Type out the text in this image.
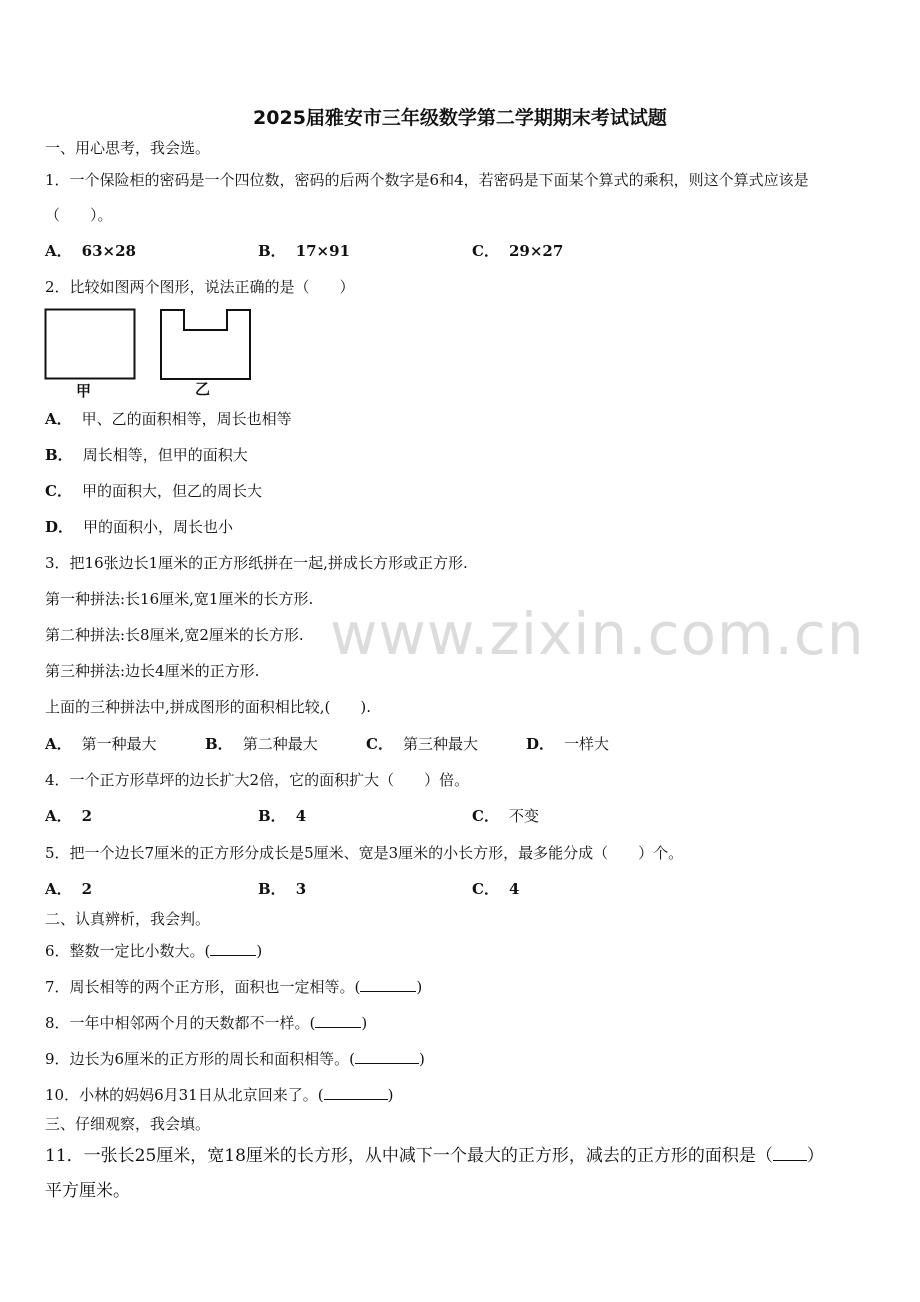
www.zixin.com.cn
2025届雅安市三年级数学第二学期期末考试试题
一、用心思考，我会选。
1．一个保险柜的密码是一个四位数，密码的后两个数字是6和4，若密码是下面某个算式的乘积，则这个算式应该是
（　　）。
A． 63×28	B． 17×91	C． 29×27
2．比较如图两个图形，说法正确的是（　　）
甲	乙
A． 甲、乙的面积相等，周长也相等
B． 周长相等，但甲的面积大
C． 甲的面积大，但乙的周长大
D． 甲的面积小，周长也小
3．把16张边长1厘米的正方形纸拼在一起,拼成长方形或正方形.
第一种拼法:长16厘米,宽1厘米的长方形.
第二种拼法:长8厘米,宽2厘米的长方形.
第三种拼法:边长4厘米的正方形.
上面的三种拼法中,拼成图形的面积相比较,(　　).
A． 第一种最大	B． 第二种最大	C． 第三种最大	D． 一样大
4．一个正方形草坪的边长扩大2倍，它的面积扩大（　　）倍。
A． 2	B． 4	C． 不变
5．把一个边长7厘米的正方形分成长是5厘米、宽是3厘米的小长方形，最多能分成（　　）个。
A． 2	B． 3	C． 4
二、认真辨析，我会判。
6．整数一定比小数大。(	)
7．周长相等的两个正方形，面积也一定相等。(	)
8．一年中相邻两个月的天数都不一样。(	)
9．边长为6厘米的正方形的周长和面积相等。(	)
10．小林的妈妈6月31日从北京回来了。(	)
三、仔细观察，我会填。
11．一张长25厘米，宽18厘米的长方形，从中减下一个最大的正方形，减去的正方形的面积是（ ）
平方厘米。
